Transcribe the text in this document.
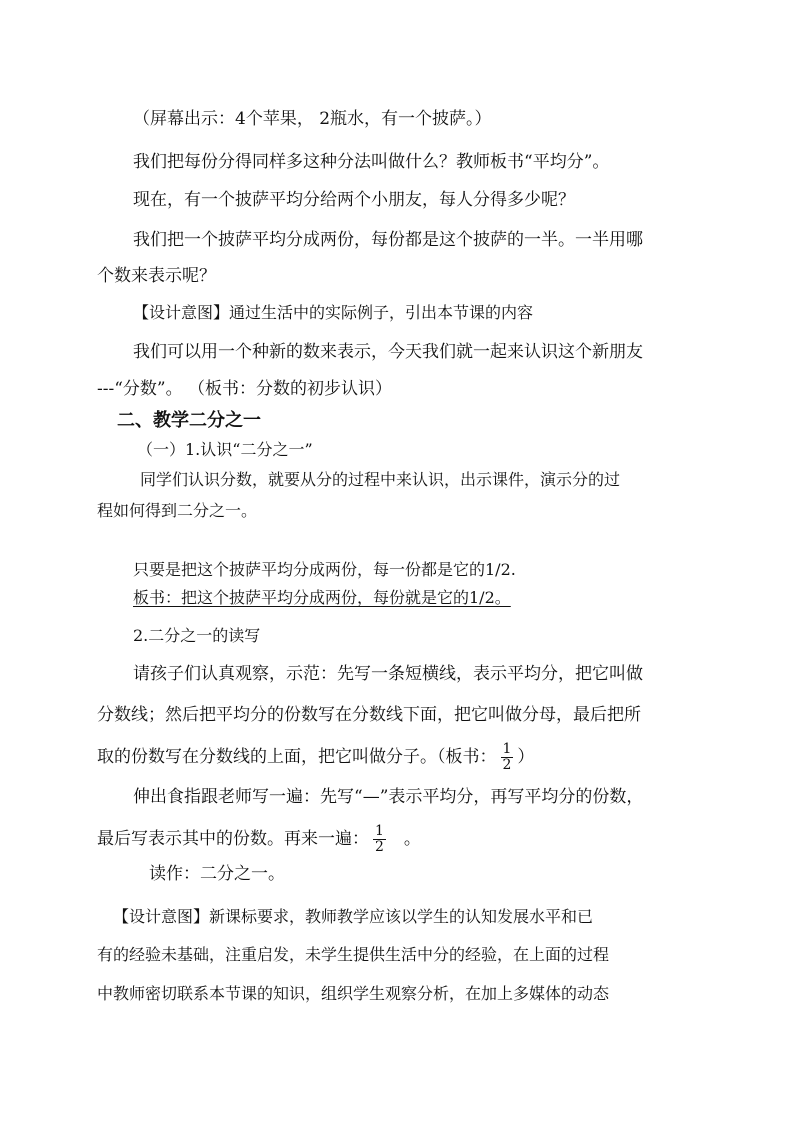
（屏幕出示：4个苹果， 2瓶水，有一个披萨。）
我们把每份分得同样多这种分法叫做什么？教师板书“平均分”。
现在，有一个披萨平均分给两个小朋友，每人分得多少呢？
我们把一个披萨平均分成两份，每份都是这个披萨的一半。一半用哪
个数来表示呢？
【设计意图】通过生活中的实际例子，引出本节课的内容
我们可以用一个种新的数来表示，今天我们就一起来认识这个新朋友
---“分数”。 （板书：分数的初步认识）
二、教学二分之一
（一）1.认识“二分之一”
同学们认识分数，就要从分的过程中来认识，出示课件，演示分的过
程如何得到二分之一。
只要是把这个披萨平均分成两份，每一份都是它的1/2.
板书：把这个披萨平均分成两份，每份就是它的1/2。
2.二分之一的读写
请孩子们认真观察，示范：先写一条短横线，表示平均分，把它叫做
分数线；然后把平均分的份数写在分数线下面，把它叫做分母，最后把所
取的份数写在分数线的上面，把它叫做分子。（板书： $\frac{1}{2}$ ）
伸出食指跟老师写一遍：先写“—”表示平均分，再写平均分的份数，
最后写表示其中的份数。再来一遍： $\frac{1}{2}$ 。
读作：二分之一。
【设计意图】新课标要求，教师教学应该以学生的认知发展水平和已
有的经验未基础，注重启发，未学生提供生活中分的经验，在上面的过程
中教师密切联系本节课的知识，组织学生观察分析，在加上多媒体的动态
